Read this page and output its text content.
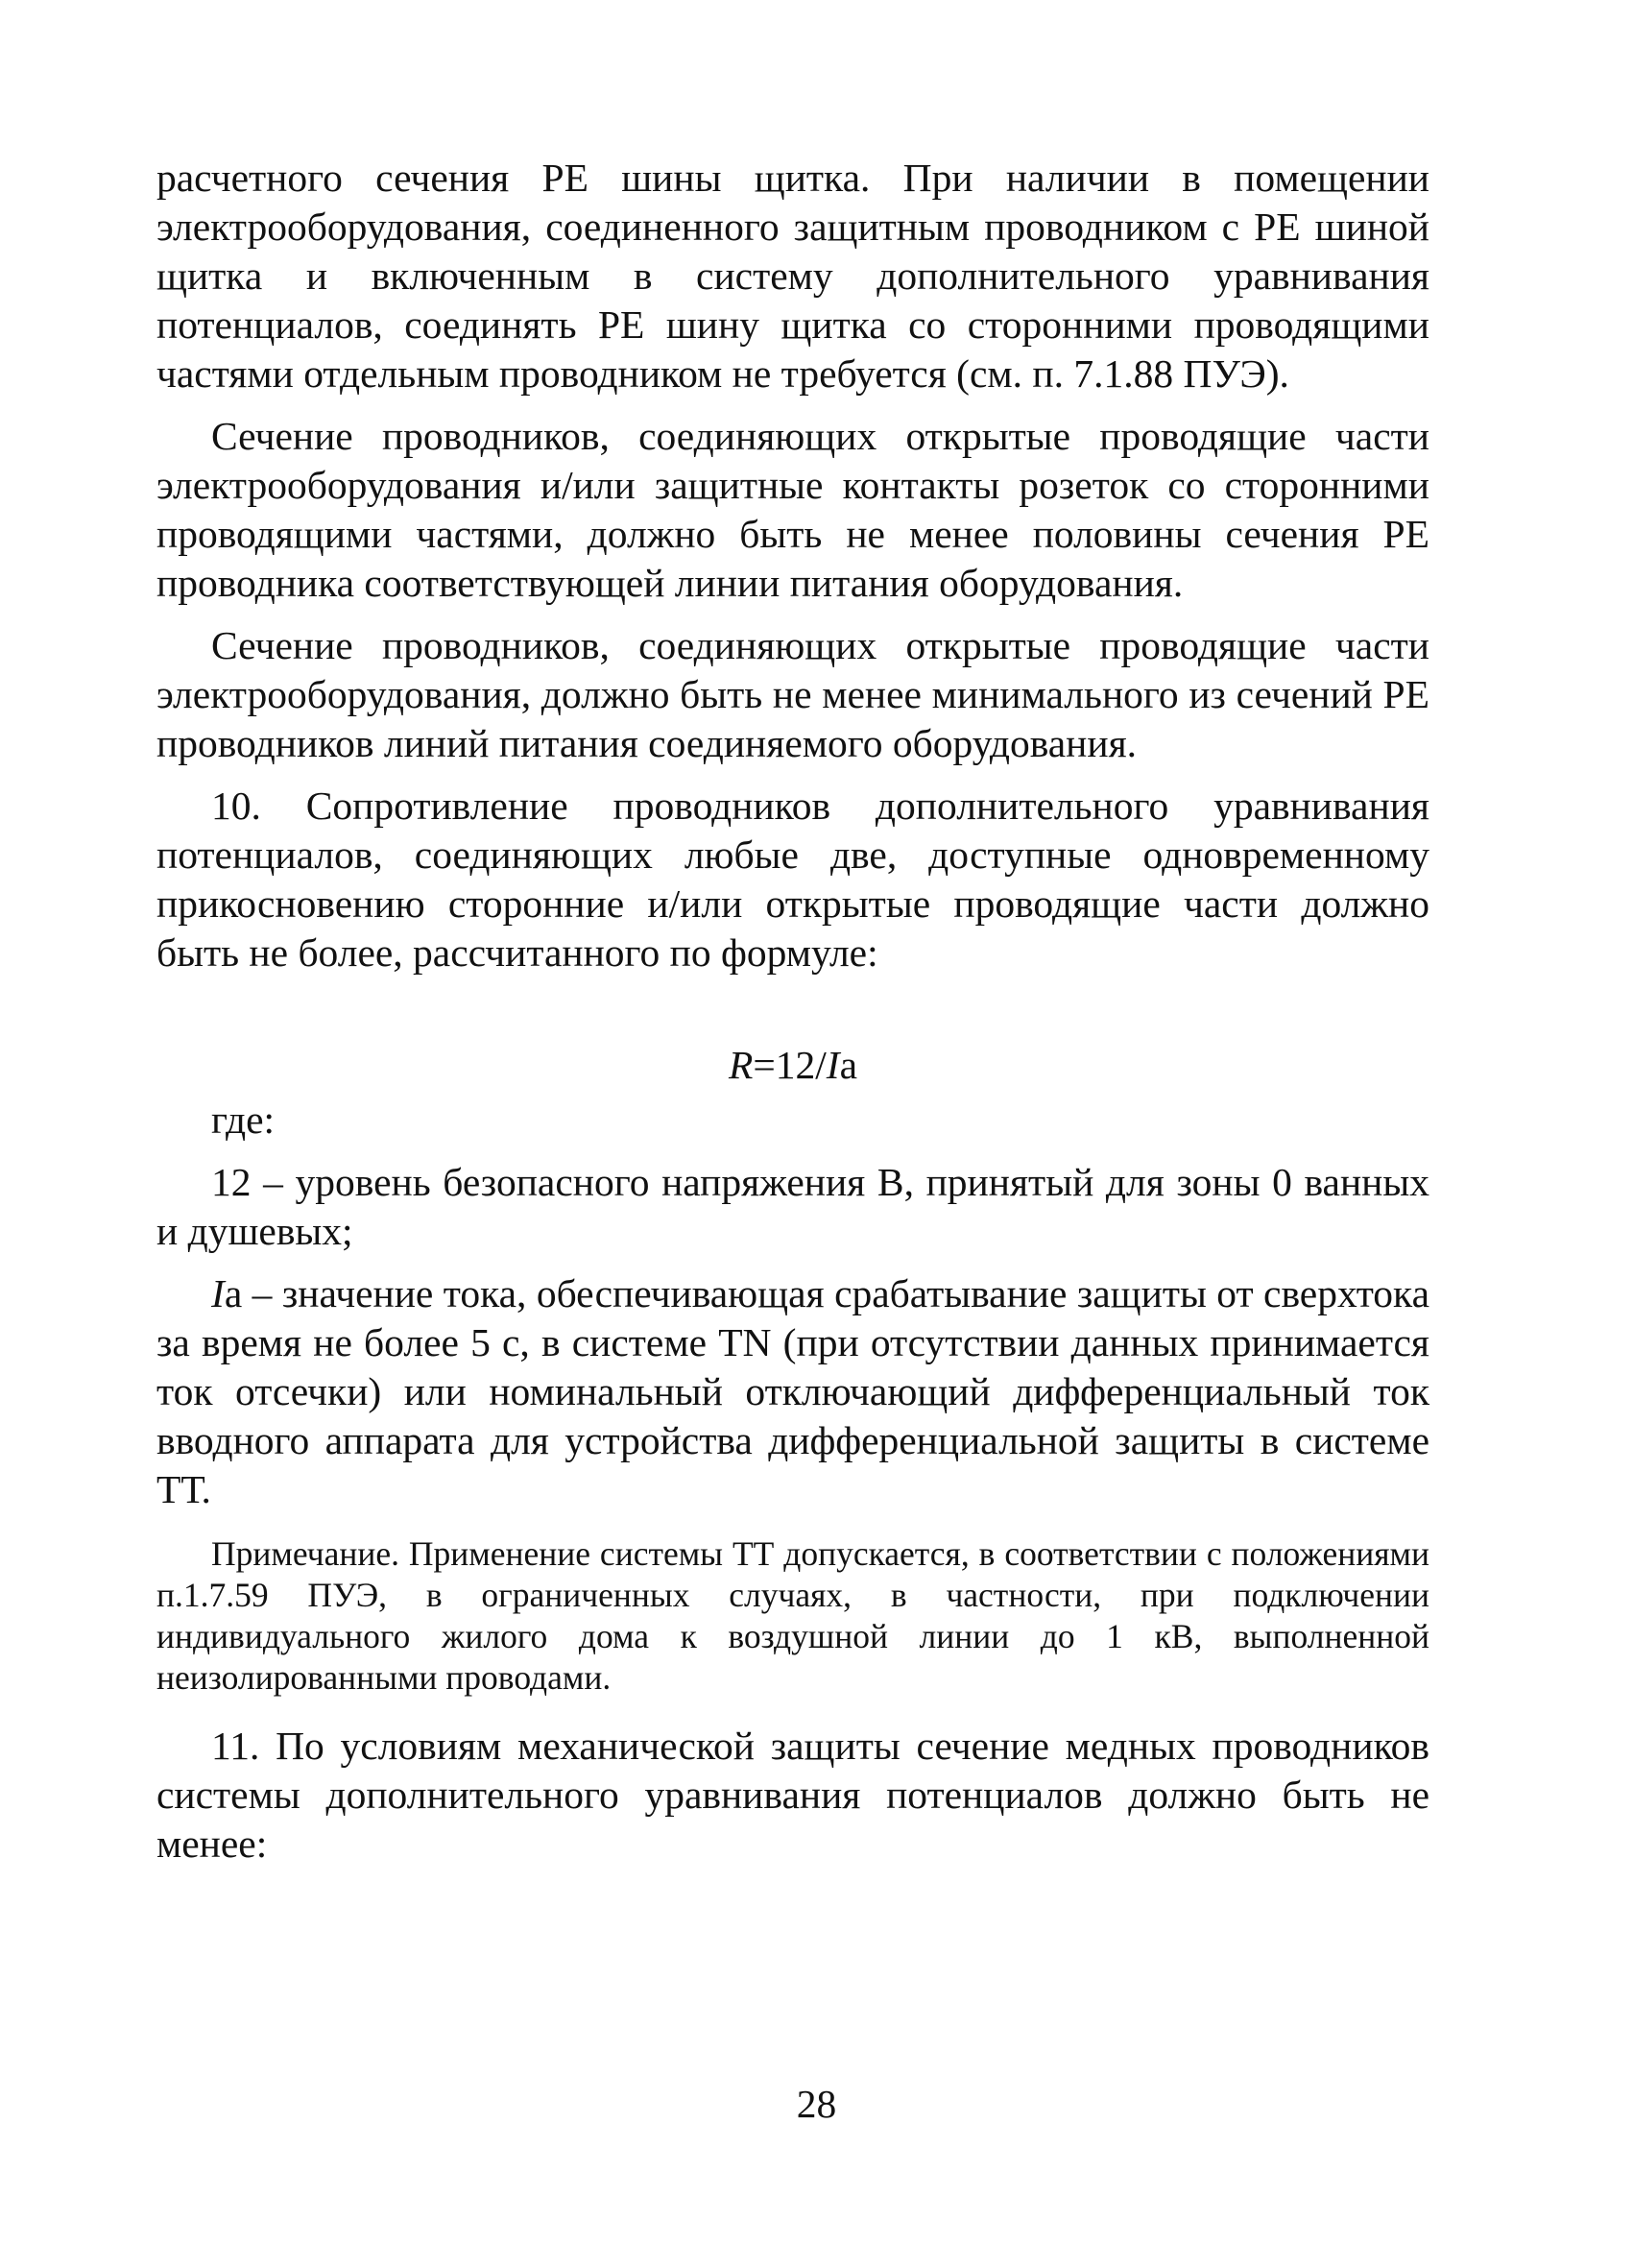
расчетного сечения РЕ шины щитка. При наличии в помещении электрооборудования, соединенного защитным проводником с РЕ шиной щитка и включенным в систему дополнительного уравнивания потенциалов, соединять РЕ шину щитка со сторонними проводящими частями отдельным проводником не требуется (см. п. 7.1.88 ПУЭ).

Сечение проводников, соединяющих открытые проводящие части электрооборудования и/или защитные контакты розеток со сторонними проводящими частями, должно быть не менее половины сечения РЕ проводника соответствующей линии питания оборудования.

Сечение проводников, соединяющих открытые проводящие части электрооборудования, должно быть не менее минимального из сечений РЕ проводников линий питания соединяемого оборудования.

10. Сопротивление проводников дополнительного уравнивания потенциалов, соединяющих любые две, доступные одновременному прикосновению сторонние и/или открытые проводящие части должно быть не более, рассчитанного по формуле:

R=12/Ia

где:

12 – уровень безопасного напряжения В, принятый для зоны 0 ванных и душевых;

Iа – значение тока, обеспечивающая срабатывание защиты от сверхтока за время не более 5 с, в системе TN (при отсутствии данных принимается ток отсечки) или номинальный отключающий дифференциальный ток вводного аппарата для устройства дифференциальной защиты в системе ТТ.

Примечание. Применение системы ТТ допускается, в соответствии с положениями п.1.7.59 ПУЭ, в ограниченных случаях, в частности, при подключении индивидуального жилого дома к воздушной линии до 1 кВ, выполненной неизолированными проводами.

11. По условиям механической защиты сечение медных проводников системы дополнительного уравнивания потенциалов должно быть не менее:

28
